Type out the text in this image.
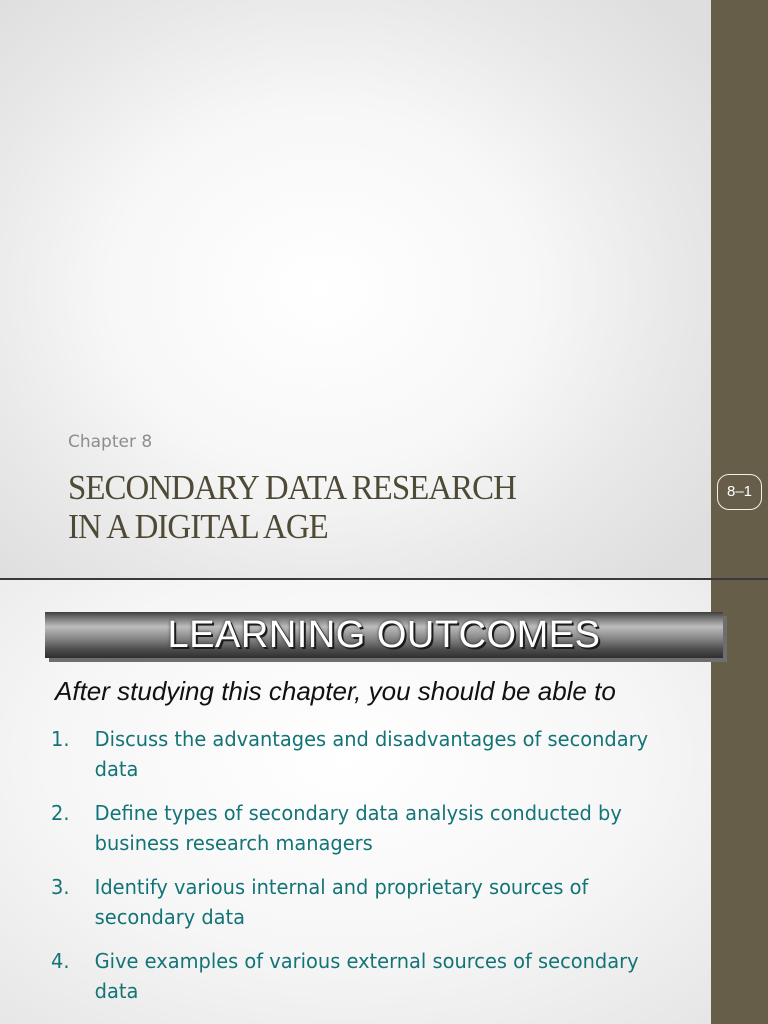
Chapter 8
SECONDARY DATA RESEARCH
IN A DIGITAL AGE
8–1
LEARNING OUTCOMES
After studying this chapter, you should be able to
1.	Discuss the advantages and disadvantages of secondary data
2.	Define types of secondary data analysis conducted by business research managers
3.	Identify various internal and proprietary sources of secondary data
4.	Give examples of various external sources of secondary data
